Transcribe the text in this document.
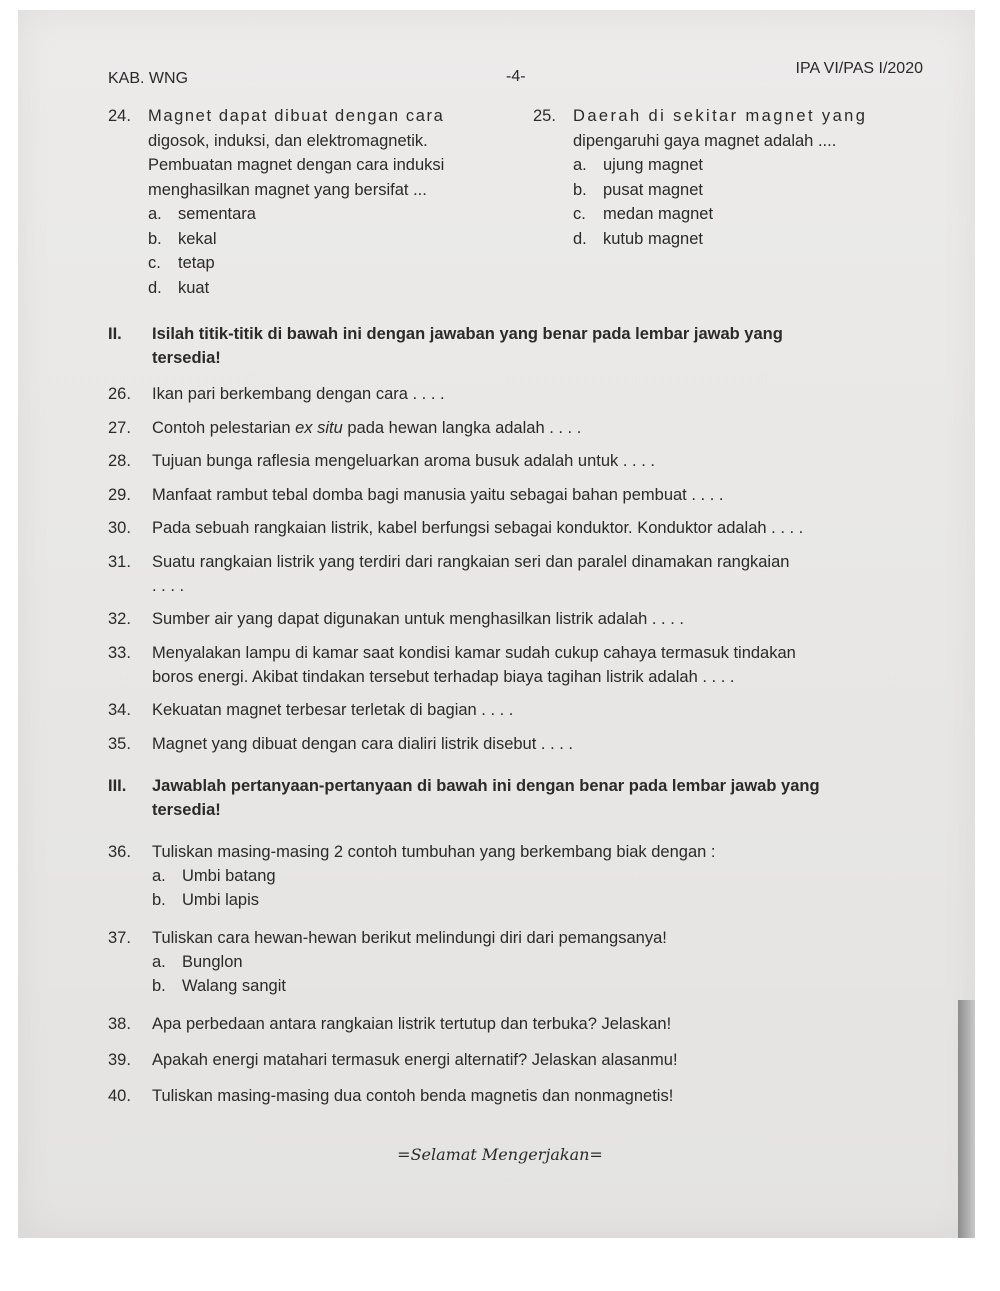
KAB. WNG	-4-	IPA VI/PAS I/2020
24.	Magnet dapat dibuat dengan cara
digosok, induksi, dan elektromagnetik.
Pembuatan magnet dengan cara induksi
menghasilkan magnet yang bersifat ...
a. sementara
b. kekal
c.	tetap
d. kuat
25.	Daerah di sekitar magnet yang
dipengaruhi gaya magnet adalah ....
a. ujung magnet
b. pusat magnet
c.	medan magnet
d. kutub magnet
II.	Isilah titik-titik di bawah ini dengan jawaban yang benar pada lembar jawab yang
tersedia!
26.	Ikan pari berkembang dengan cara . . . .
27.	Contoh pelestarian ex situ pada hewan langka adalah . . . .
28.	Tujuan bunga raflesia mengeluarkan aroma busuk adalah untuk . . . .
29.	Manfaat rambut tebal domba bagi manusia yaitu sebagai bahan pembuat . . . .
30.	Pada sebuah rangkaian listrik, kabel berfungsi sebagai konduktor. Konduktor adalah . . . .
31.	Suatu rangkaian listrik yang terdiri dari rangkaian seri dan paralel dinamakan rangkaian
. . . .
32.	Sumber air yang dapat digunakan untuk menghasilkan listrik adalah . . . .
33.	Menyalakan lampu di kamar saat kondisi kamar sudah cukup cahaya termasuk tindakan
boros energi. Akibat tindakan tersebut terhadap biaya tagihan listrik adalah . . . .
34.	Kekuatan magnet terbesar terletak di bagian . . . .
35.	Magnet yang dibuat dengan cara dialiri listrik disebut . . . .
III.	Jawablah pertanyaan-pertanyaan di bawah ini dengan benar pada lembar jawab yang
tersedia!
36.	Tuliskan masing-masing 2 contoh tumbuhan yang berkembang biak dengan :
a. Umbi batang
b. Umbi lapis
37.	Tuliskan cara hewan-hewan berikut melindungi diri dari pemangsanya!
a. Bunglon
b. Walang sangit
38.	Apa perbedaan antara rangkaian listrik tertutup dan terbuka? Jelaskan!
39.	Apakah energi matahari termasuk energi alternatif? Jelaskan alasanmu!
40.	Tuliskan masing-masing dua contoh benda magnetis dan nonmagnetis!
=Selamat Mengerjakan=
